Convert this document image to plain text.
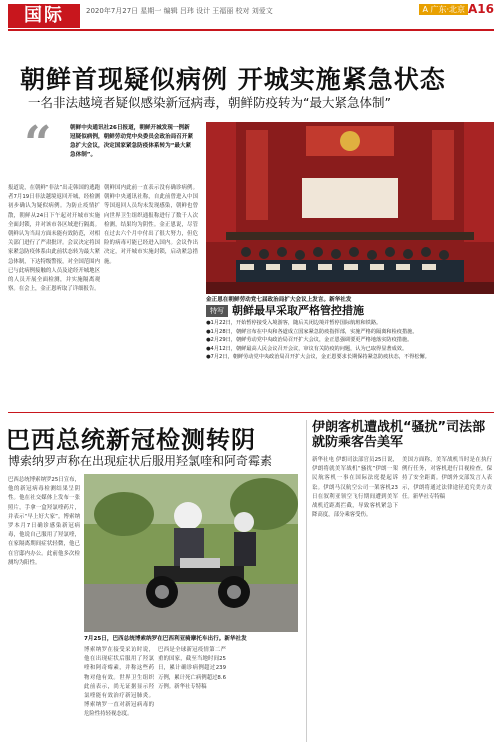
国际	2020年7月27日 星期一 编辑 吕玮 设计 王福丽 校对 刘爱文	A 广东·北京 A16
朝鲜首现疑似病例 开城实施紧急状态
一名非法越境者疑似感染新冠病毒，朝鲜防疫转为“最大紧急体制”
“	朝鲜中央通讯社26日报道，朝鲜开城发现一例新冠疑似病例，朝鲜劳动党中央委员会政治局召开紧急扩大会议，决定国家紧急防疫体系转为“最大紧急体制”。
报道说，在朝鲜“非法”出走韩国的逃跑者7月19日非法越境返回开城，经检测初步确认为疑似病例。为防止疫情扩散，朝鲜从24日下午起对开城市实施全面封锁，并对该市各区域进行隔离。朝鲜认为当局方面未能有效防范，对相关部门进行了严肃批评。会议决定将国家紧急防疫体系由此前状态转为最大紧急体制，下达特级警报，对全国范围内已与此病例接触的人员及途经开城地区的人员开展全面检测，并实施隔离观察。在会上，金正恩听取了详细报告。
朝鲜国内此前一直表示没有确诊病例。朝鲜中央通讯社称，自此前曾进入中国等国返回人员均未发现感染，朝鲜也曾向世界卫生组织通报称进行了数千人次检测，结果均为阴性。金正恩说，尽管在过去六个月中付出了很大努力，但危险的病毒可能已经进入国内。会议作出决定，对开城市实施封锁，启动紧急措施。
金正恩在朝鲜劳动党七届政治局扩大会议上发言。新华社发
特写 朝鲜最早采取严格管控措施
●1月22日，开始暂停接受入境游客，随后关闭边境并暂停国际航班和铁路。
●1月28日，朝鲜宣布在中央和各道成立国家紧急防疫指挥部，实施严格的隔离和检疫措施。
●2月29日，朝鲜劳动党中央政治局召开扩大会议，金正恩强调要更严格地落实防疫措施。
●4月12日，朝鲜最高人民会议召开会议，审议有关防疫的问题，认为已取得显著成效。
●7月2日，朝鲜劳动党中央政治局召开扩大会议，金正恩要求长期保持紧急防疫状态，不得松懈。
巴西总统新冠检测转阴
博索纳罗声称在出现症状后服用羟氯喹和阿奇霉素
巴西总统博索纳罗25日宣布，他的新冠病毒检测结果呈阴性。他在社交媒体上发布一张照片，手拿一盒羟氯喹药片，并表示“早上好大家”。博索纳罗本月7日确诊感染新冠病毒，他说自己服用了羟氯喹，在家隔离期间症状轻微，他已在官邸内办公。此前他多次检测均为阳性。
7月25日，巴西总统博索纳罗在巴西利亚骑摩托车出行。新华社发
博索纳罗在接受采访时说，他在出现症状后服用了羟氯喹和阿奇霉素，并称这些药物对他有效。世界卫生组织此前表示，尚无证据显示羟氯喹能有效治疗新冠肺炎。博索纳罗一直对新冠病毒的危险性持轻视态度。
巴西是全球新冠疫情第二严重的国家，截至当地时间25日，累计确诊病例超过239万例，累计死亡病例超过8.6万例。新华社专特稿
伊朗客机遭战机“骚扰”司法部就防乘客告美军
新华社电 伊朗司法部官员25日说，伊朗将就美军战机“骚扰”伊朗一架民航客机一事在国际法庭提起诉讼。伊朗马汉航空公司一架客机23日在叙利亚领空飞行期间遭到美军战机近距离拦截，导致客机紧急下降高度，部分乘客受伤。
美国方面称，美军战机当时是在执行例行任务，对客机进行目视检查，保持了安全距离。伊朗外交部发言人表示，伊朗将通过法律途径追究美方责任。新华社专特稿
